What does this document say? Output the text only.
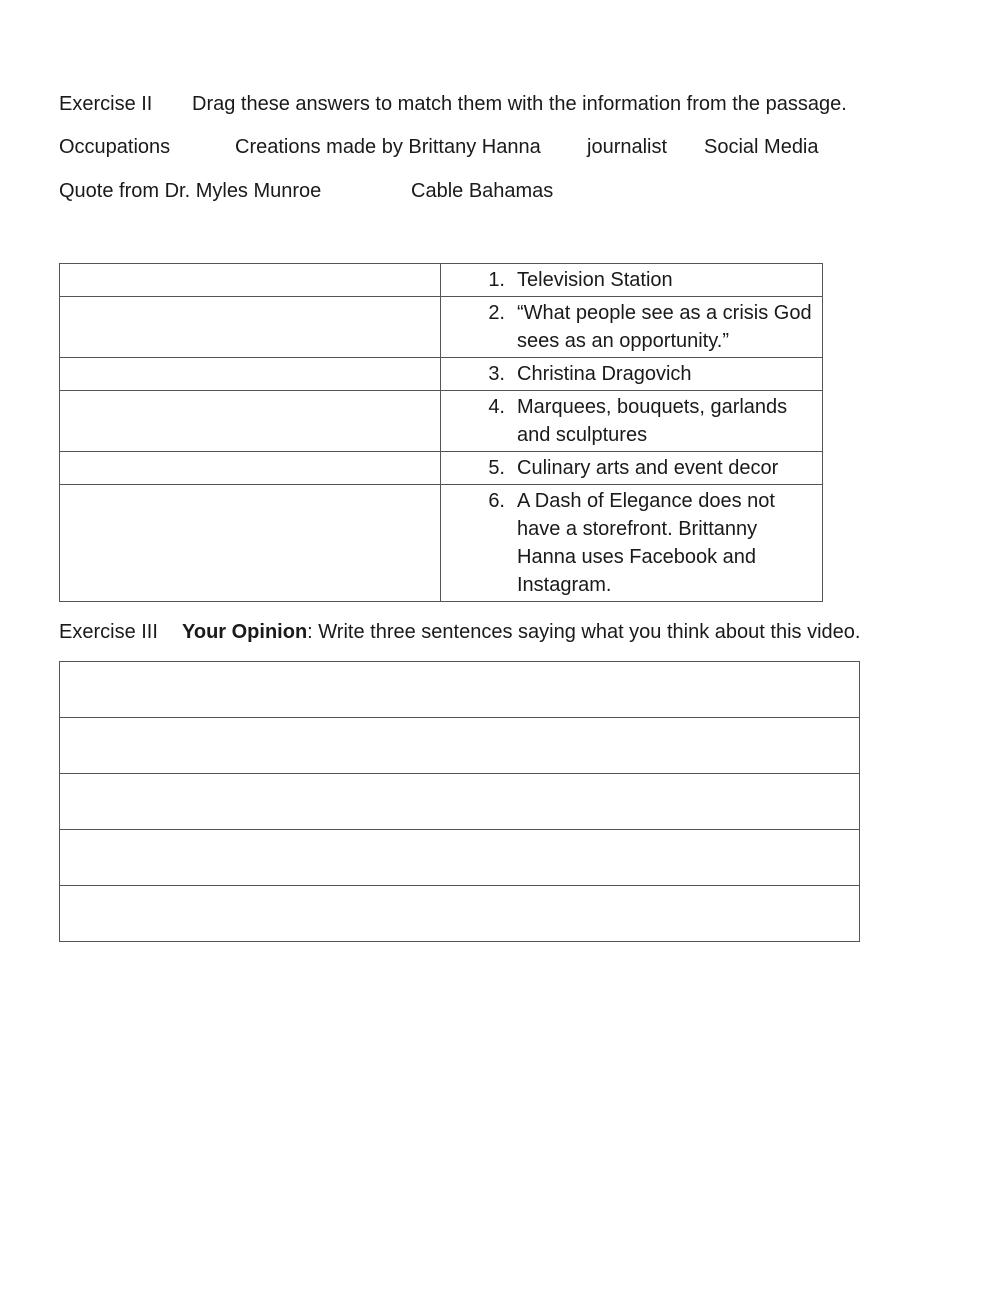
Exercise II Drag these answers to match them with the information from the passage.
Occupations	Creations made by Brittany Hanna journalist Social Media
Quote from Dr. Myles Munroe	Cable Bahamas

	1. Television Station

	2. “What people see as a crisis God sees as an opportunity.”

	3. Christina Dragovich

	4. Marquees, bouquets, garlands and sculptures

	5. Culinary arts and event decor

	6. A Dash of Elegance does not have a storefront. Brittanny Hanna uses Facebook and Instagram.
Exercise III Your Opinion: Write three sentences saying what you think about this video.
